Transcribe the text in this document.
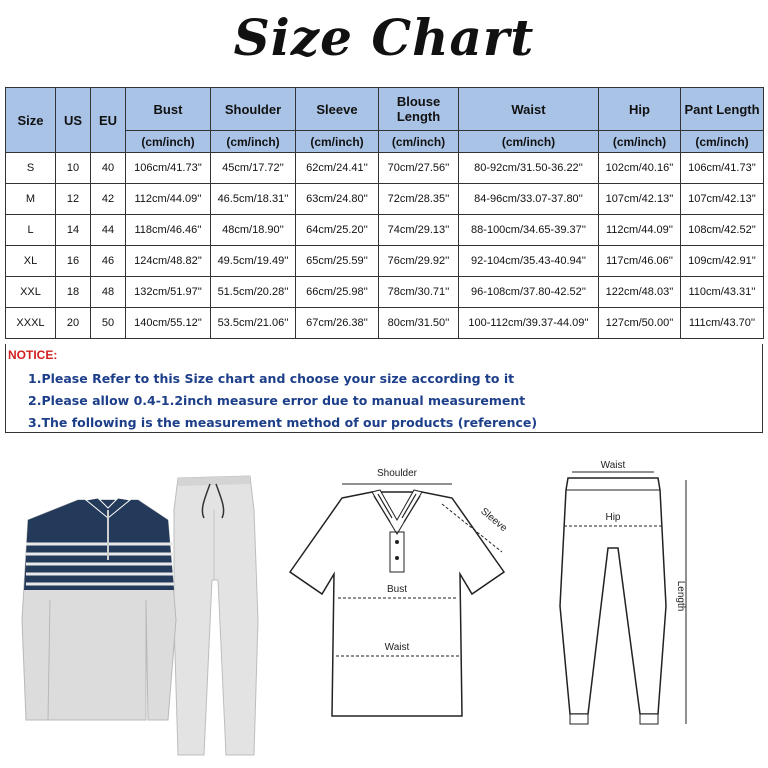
Size Chart
Size	US	EU	Bust	Shoulder	Sleeve	Blouse Length	Waist	Hip	Pant Length
			(cm/inch)	(cm/inch)	(cm/inch)	(cm/inch)	(cm/inch)	(cm/inch)	(cm/inch)
S	10	40	106cm/41.73''	45cm/17.72''	62cm/24.41''	70cm/27.56''	80-92cm/31.50-36.22''	102cm/40.16''	106cm/41.73''
M	12	42	112cm/44.09''	46.5cm/18.31''	63cm/24.80''	72cm/28.35''	84-96cm/33.07-37.80''	107cm/42.13''	107cm/42.13''
L	14	44	118cm/46.46''	48cm/18.90''	64cm/25.20''	74cm/29.13''	88-100cm/34.65-39.37''	112cm/44.09''	108cm/42.52''
XL	16	46	124cm/48.82''	49.5cm/19.49''	65cm/25.59''	76cm/29.92''	92-104cm/35.43-40.94''	117cm/46.06''	109cm/42.91''
XXL	18	48	132cm/51.97''	51.5cm/20.28''	66cm/25.98''	78cm/30.71''	96-108cm/37.80-42.52''	122cm/48.03''	110cm/43.31''
XXXL	20	50	140cm/55.12''	53.5cm/21.06''	67cm/26.38''	80cm/31.50''	100-112cm/39.37-44.09''	127cm/50.00''	111cm/43.70''
NOTICE:
1.Please Refer to this Size chart and choose your size according to it
2.Please allow 0.4-1.2inch measure error due to manual measurement
3.The following is the measurement method of our products (reference)
Shoulder
Sleeve
Bust
Waist
Waist
Hip
Length
